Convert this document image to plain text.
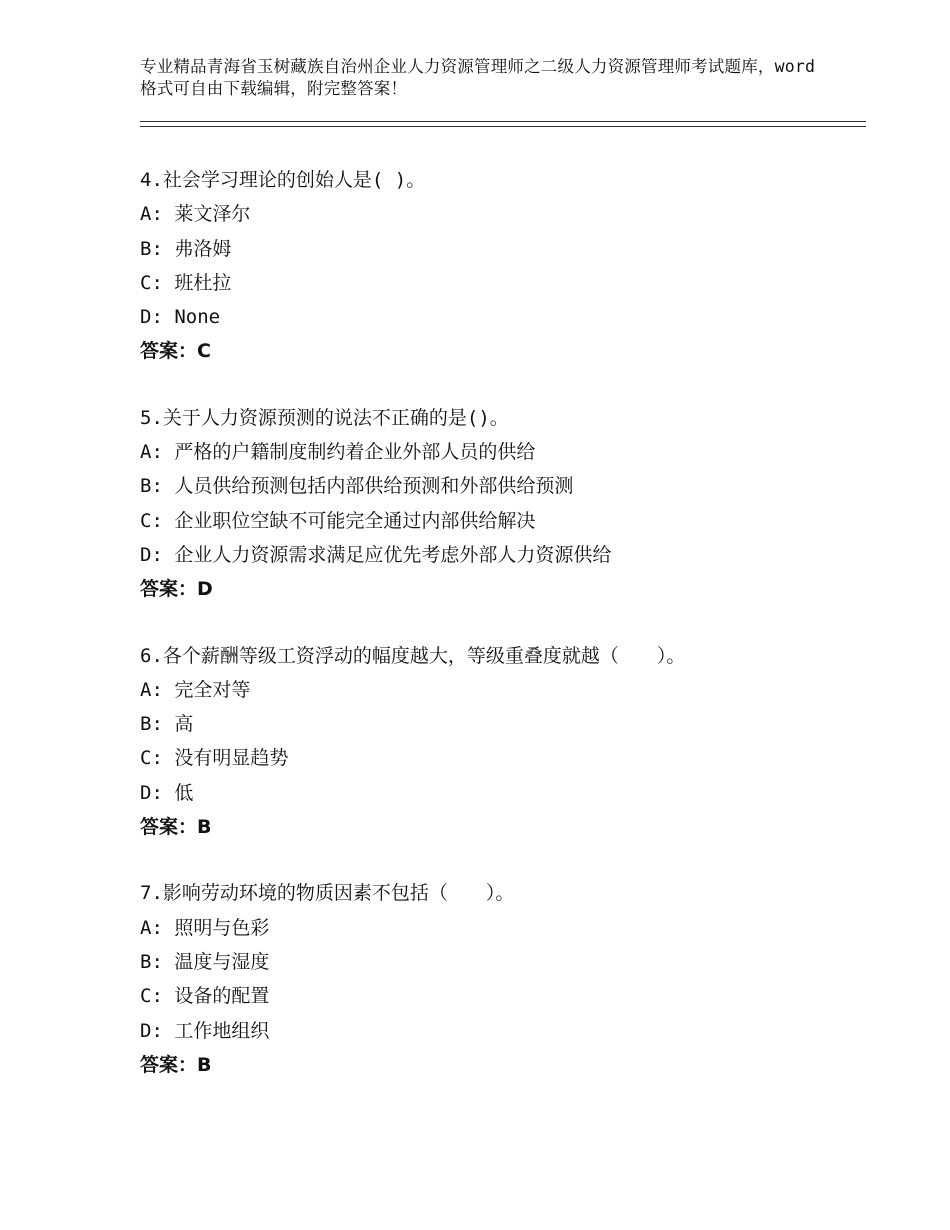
专业精品青海省玉树藏族自治州企业人力资源管理师之二级人力资源管理师考试题库，word格式可自由下载编辑，附完整答案！
4.社会学习理论的创始人是( )。
A: 莱文泽尔
B: 弗洛姆
C: 班杜拉
D: None
答案：C
5.关于人力资源预测的说法不正确的是()。
A: 严格的户籍制度制约着企业外部人员的供给
B: 人员供给预测包括内部供给预测和外部供给预测
C: 企业职位空缺不可能完全通过内部供给解决
D: 企业人力资源需求满足应优先考虑外部人力资源供给
答案：D
6.各个薪酬等级工资浮动的幅度越大，等级重叠度就越（　　）。
A: 完全对等
B: 高
C: 没有明显趋势
D: 低
答案：B
7.影响劳动环境的物质因素不包括（　　）。
A: 照明与色彩
B: 温度与湿度
C: 设备的配置
D: 工作地组织
答案：B
